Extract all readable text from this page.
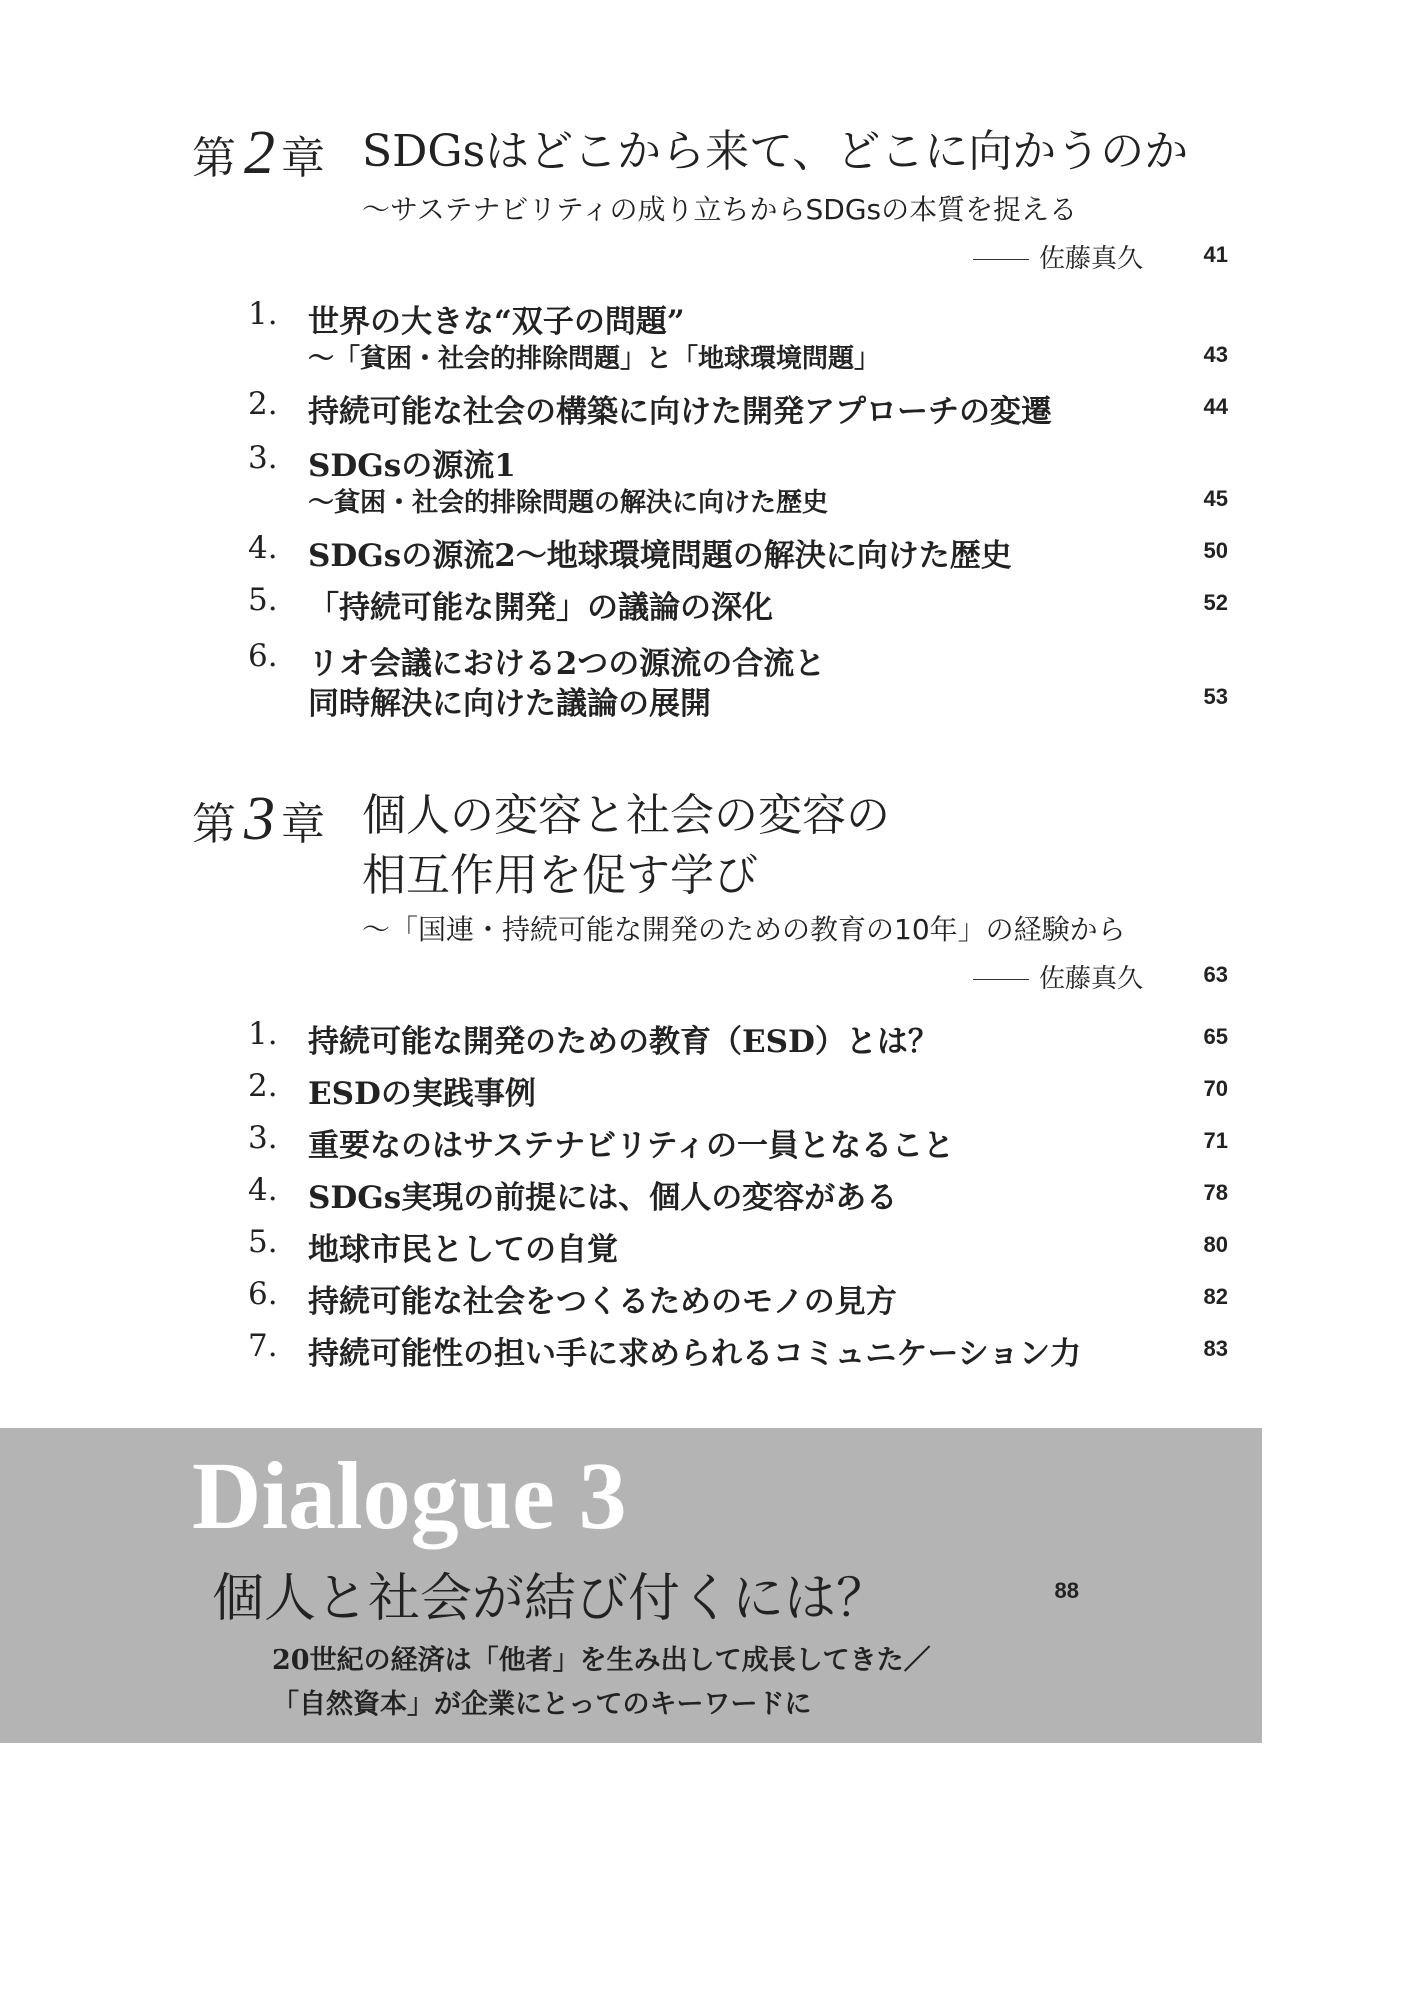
第2 章 SDGsはどこから来て、どこに向かうのか
～サステナビリティの成り立ちからSDGsの本質を捉える
佐藤真久	41
1. 世界の大きな“双子の問題”
～「貧困・社会的排除問題」と「地球環境問題」	43
2. 持続可能な社会の構築に向けた開発アプローチの変遷	44
3. SDGsの源流1
～貧困・社会的排除問題の解決に向けた歴史	45
4. SDGsの源流2～地球環境問題の解決に向けた歴史	50
5. 「持続可能な開発」の議論の深化	52
6. リオ会議における2つの源流の合流と
同時解決に向けた議論の展開	53
第3 章 個人の変容と社会の変容の
相互作用を促す学び
～「国連・持続可能な開発のための教育の10年」の経験から
佐藤真久	63
1. 持続可能な開発のための教育（ESD）とは？	65
2. ESDの実践事例	70
3. 重要なのはサステナビリティの一員となること	71
4. SDGs実現の前提には、個人の変容がある	78
5. 地球市民としての自覚	80
6. 持続可能な社会をつくるためのモノの見方	82
7. 持続可能性の担い手に求められるコミュニケーション力	83
Dialogue 3
個人と社会が結び付くには？	88
20世紀の経済は「他者」を生み出して成長してきた／
「自然資本」が企業にとってのキーワードに
